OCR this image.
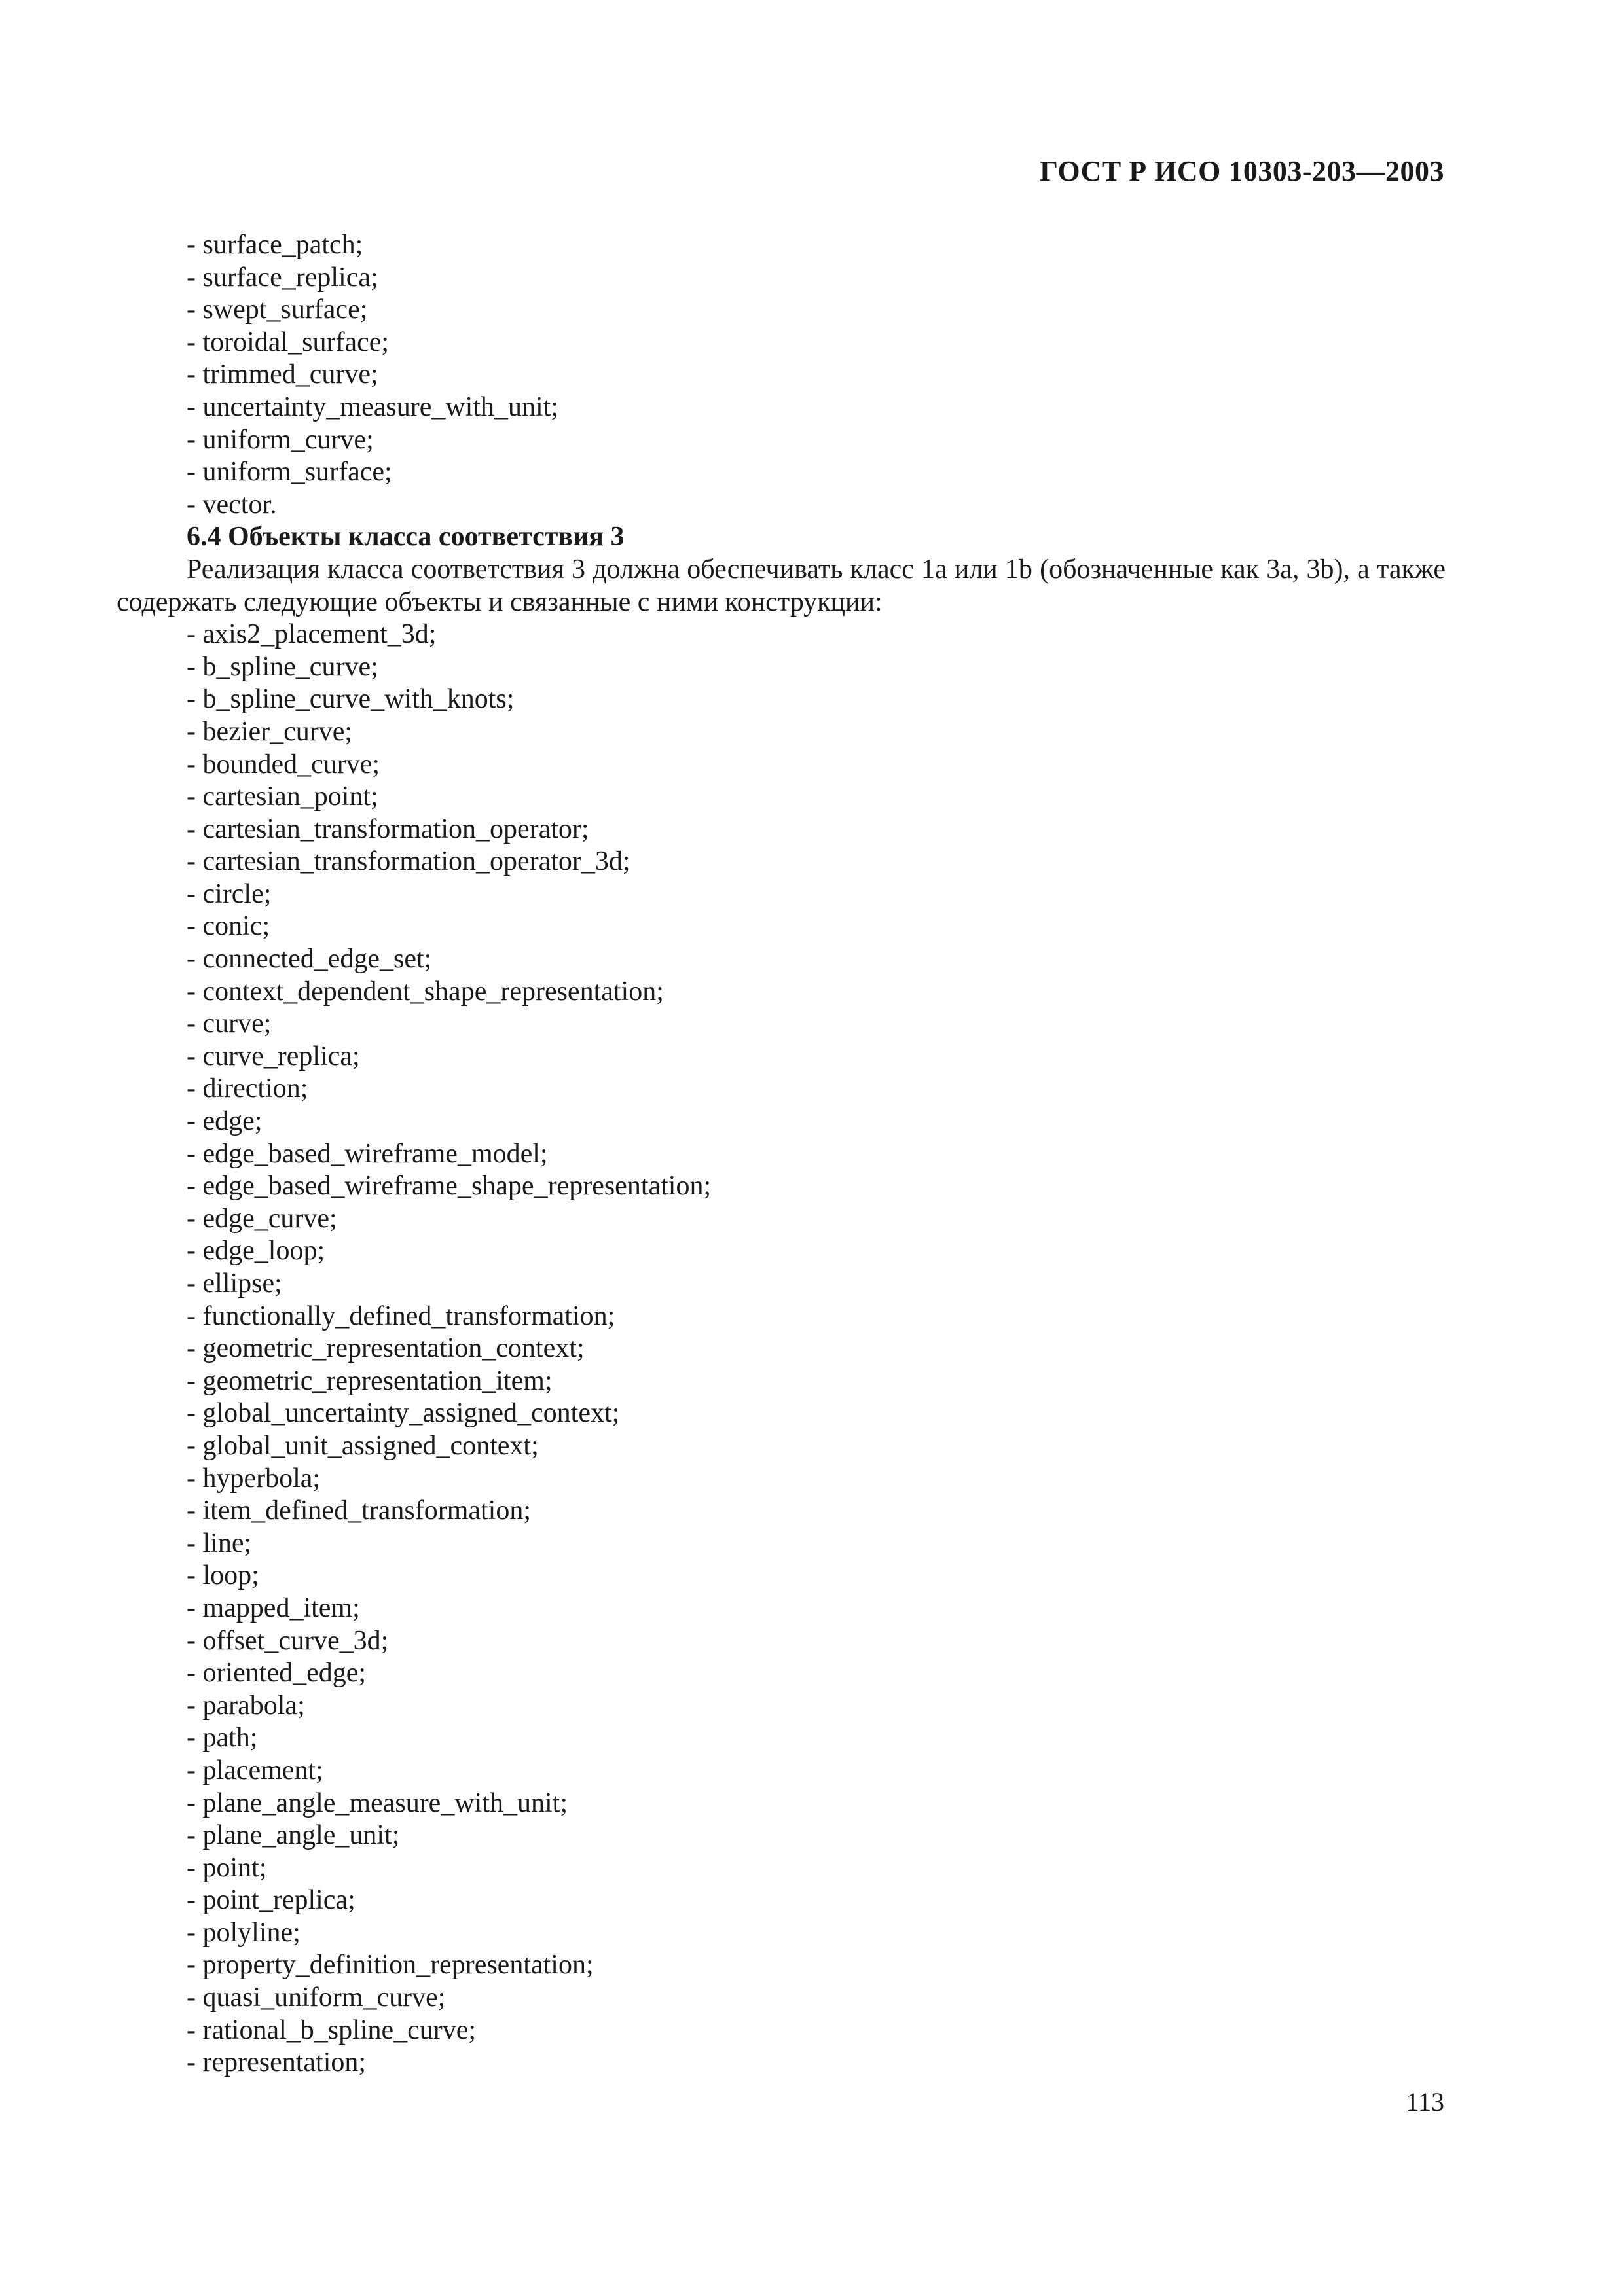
ГОСТ Р ИСО 10303-203—2003
- surface_patch;
- surface_replica;
- swept_surface;
- toroidal_surface;
- trimmed_curve;
- uncertainty_measure_with_unit;
- uniform_curve;
- uniform_surface;
- vector.
6.4 Объекты класса соответствия 3
Реализация класса соответствия 3 должна обеспечивать класс 1a или 1b (обозначенные как 3a, 3b), а также содержать следующие объекты и связанные с ними конструкции:
- axis2_placement_3d;
- b_spline_curve;
- b_spline_curve_with_knots;
- bezier_curve;
- bounded_curve;
- cartesian_point;
- cartesian_transformation_operator;
- cartesian_transformation_operator_3d;
- circle;
- conic;
- connected_edge_set;
- context_dependent_shape_representation;
- curve;
- curve_replica;
- direction;
- edge;
- edge_based_wireframe_model;
- edge_based_wireframe_shape_representation;
- edge_curve;
- edge_loop;
- ellipse;
- functionally_defined_transformation;
- geometric_representation_context;
- geometric_representation_item;
- global_uncertainty_assigned_context;
- global_unit_assigned_context;
- hyperbola;
- item_defined_transformation;
- line;
- loop;
- mapped_item;
- offset_curve_3d;
- oriented_edge;
- parabola;
- path;
- placement;
- plane_angle_measure_with_unit;
- plane_angle_unit;
- point;
- point_replica;
- polyline;
- property_definition_representation;
- quasi_uniform_curve;
- rational_b_spline_curve;
- representation;
113
